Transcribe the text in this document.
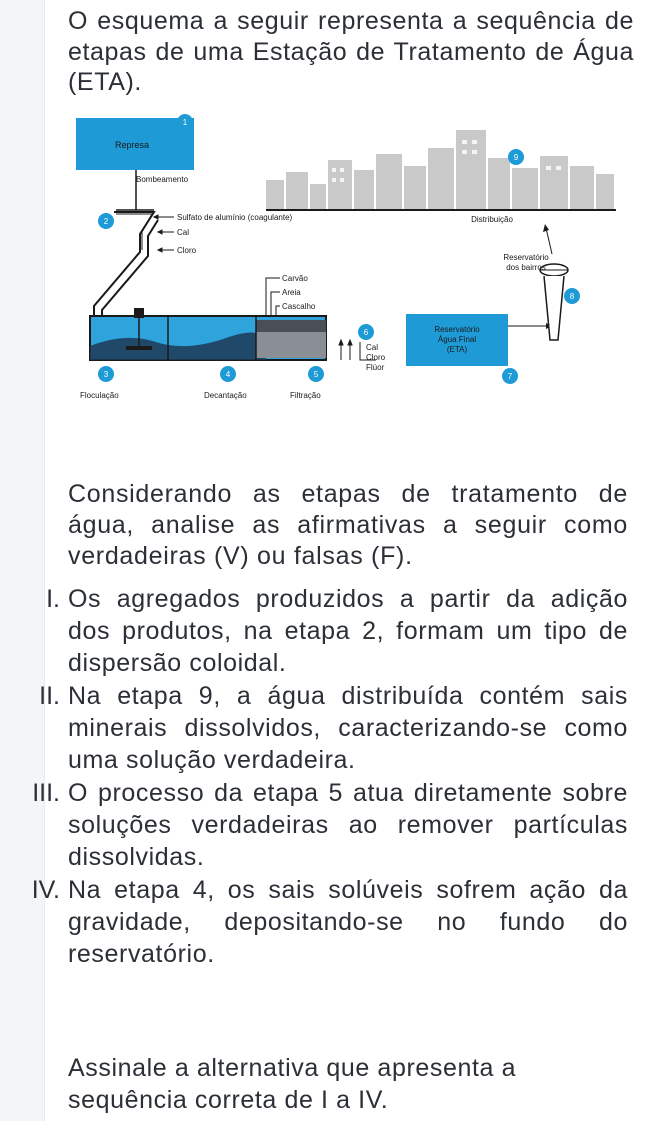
O esquema a seguir representa a sequência de etapas de uma Estação de Tratamento de Água (ETA).

Represa
1
2
3	4	5
6
7
8
9
Bombeamento
Sulfato de alumínio (coagulante)
Cal
Cloro
Carvão
Areia
Cascalho
Cal
Cloro
Flúor
Reservatório
Água Final
(ETA)
Reservatório
dos bairros
Distribuição
Floculação	Decantação	Filtração

Considerando as etapas de tratamento de água, analise as afirmativas a seguir como verdadeiras (V) ou falsas (F).

I. Os agregados produzidos a partir da adição dos produtos, na etapa 2, formam um tipo de dispersão coloidal.
II. Na etapa 9, a água distribuída contém sais minerais dissolvidos, caracterizando-se como uma solução verdadeira.
III. O processo da etapa 5 atua diretamente sobre soluções verdadeiras ao remover partículas dissolvidas.
IV. Na etapa 4, os sais solúveis sofrem ação da gravidade, depositando-se no fundo do reservatório.

Assinale a alternativa que apresenta a sequência correta de I a IV.
